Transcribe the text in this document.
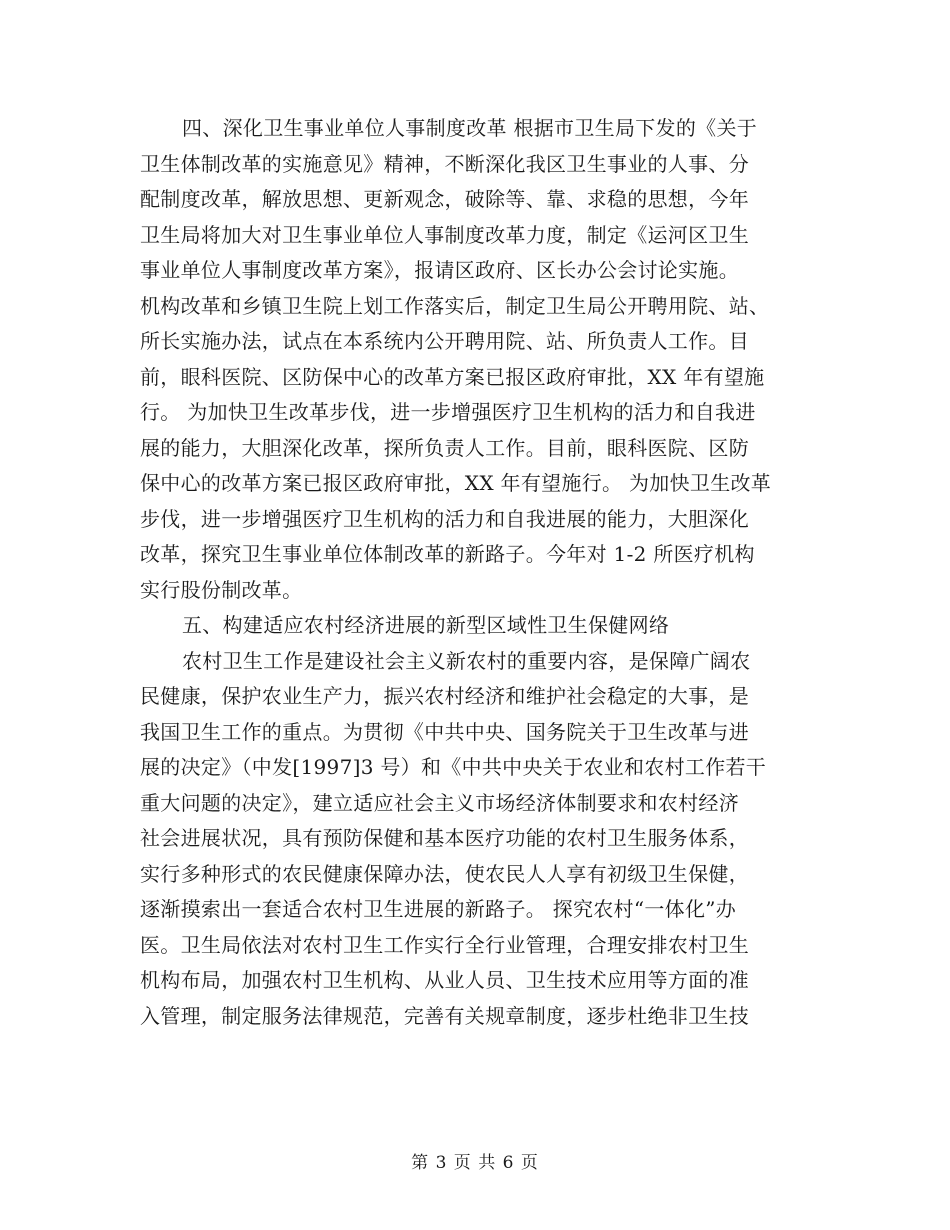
四、深化卫生事业单位人事制度改革 根据市卫生局下发的《关于
卫生体制改革的实施意见》精神，不断深化我区卫生事业的人事、分
配制度改革，解放思想、更新观念，破除等、靠、求稳的思想，今年
卫生局将加大对卫生事业单位人事制度改革力度，制定《运河区卫生
事业单位人事制度改革方案》，报请区政府、区长办公会讨论实施。
机构改革和乡镇卫生院上划工作落实后，制定卫生局公开聘用院、站、
所长实施办法，试点在本系统内公开聘用院、站、所负责人工作。目
前，眼科医院、区防保中心的改革方案已报区政府审批，XX 年有望施
行。 为加快卫生改革步伐，进一步增强医疗卫生机构的活力和自我进
展的能力，大胆深化改革，探所负责人工作。目前，眼科医院、区防
保中心的改革方案已报区政府审批，XX 年有望施行。 为加快卫生改革
步伐，进一步增强医疗卫生机构的活力和自我进展的能力，大胆深化
改革，探究卫生事业单位体制改革的新路子。今年对 1-2 所医疗机构
实行股份制改革。
五、构建适应农村经济进展的新型区域性卫生保健网络
农村卫生工作是建设社会主义新农村的重要内容，是保障广阔农
民健康，保护农业生产力，振兴农村经济和维护社会稳定的大事，是
我国卫生工作的重点。为贯彻《中共中央、国务院关于卫生改革与进
展的决定》（中发[1997]3 号）和《中共中央关于农业和农村工作若干
重大问题的决定》，建立适应社会主义市场经济体制要求和农村经济
社会进展状况，具有预防保健和基本医疗功能的农村卫生服务体系，
实行多种形式的农民健康保障办法，使农民人人享有初级卫生保健，
逐渐摸索出一套适合农村卫生进展的新路子。 探究农村“一体化”办
医。卫生局依法对农村卫生工作实行全行业管理，合理安排农村卫生
机构布局，加强农村卫生机构、从业人员、卫生技术应用等方面的准
入管理，制定服务法律规范，完善有关规章制度，逐步杜绝非卫生技
第 3 页 共 6 页
